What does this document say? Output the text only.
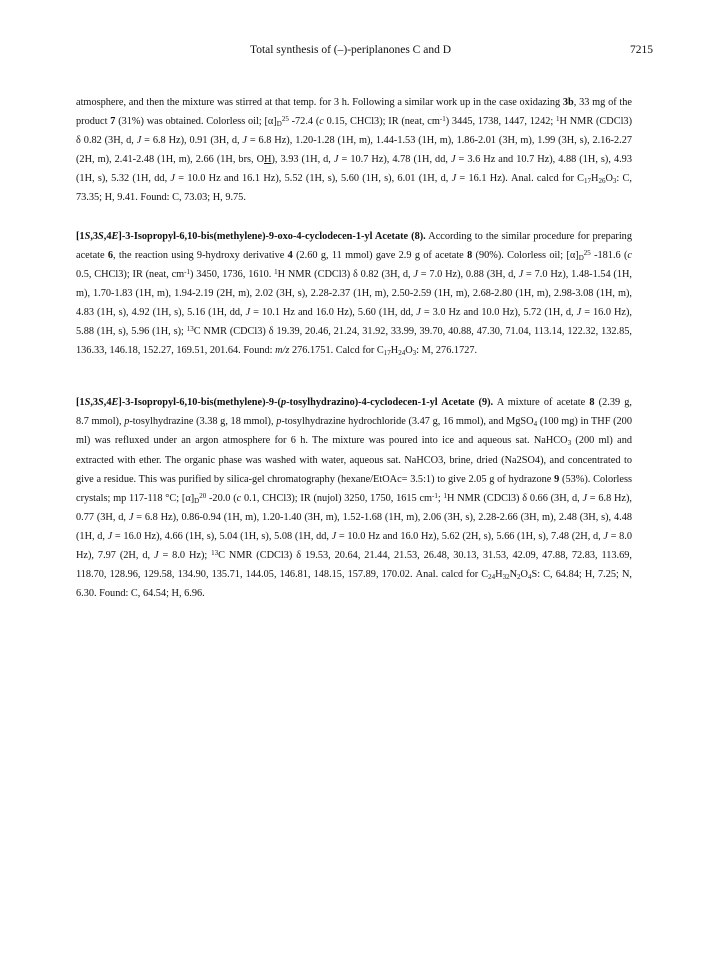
Total synthesis of (–)-periplanones C and D	7215

atmosphere, and then the mixture was stirred at that temp. for 3 h. Following a similar work up in the case oxidazing 3b, 33 mg of the product 7 (31%) was obtained. Colorless oil; $[\alpha]_D^{25}$ -72.4 (c 0.15, CHCl3); IR (neat, $cm^{-1}$) 3445, 1738, 1447, 1242; $^1$H NMR (CDCl3) δ 0.82 (3H, d, J = 6.8 Hz), 0.91 (3H, d, J = 6.8 Hz), 1.20-1.28 (1H, m), 1.44-1.53 (1H, m), 1.86-2.01 (3H, m), 1.99 (3H, s), 2.16-2.27 (2H, m), 2.41-2.48 (1H, m), 2.66 (1H, brs, OH), 3.93 (1H, d, J = 10.7 Hz), 4.78 (1H, dd, J = 3.6 Hz and 10.7 Hz), 4.88 (1H, s), 4.93 (1H, s), 5.32 (1H, dd, J = 10.0 Hz and 16.1 Hz), 5.52 (1H, s), 5.60 (1H, s), 6.01 (1H, d, J = 16.1 Hz). Anal. calcd for $C_{17}H_{26}O_3$: C, 73.35; H, 9.41. Found: C, 73.03; H, 9.75.

[1S,3S,4E]-3-Isopropyl-6,10-bis(methylene)-9-oxo-4-cyclodecen-1-yl Acetate (8). According to the similar procedure for preparing acetate 6, the reaction using 9-hydroxy derivative 4 (2.60 g, 11 mmol) gave 2.9 g of acetate 8 (90%). Colorless oil; $[\alpha]_D^{25}$ -181.6 (c 0.5, CHCl3); IR (neat, $cm^{-1}$) 3450, 1736, 1610. $^1$H NMR (CDCl3) δ 0.82 (3H, d, J = 7.0 Hz), 0.88 (3H, d, J = 7.0 Hz), 1.48-1.54 (1H, m), 1.70-1.83 (1H, m), 1.94-2.19 (2H, m), 2.02 (3H, s), 2.28-2.37 (1H, m), 2.50-2.59 (1H, m), 2.68-2.80 (1H, m), 2.98-3.08 (1H, m), 4.83 (1H, s), 4.92 (1H, s), 5.16 (1H, dd, J = 10.1 Hz and 16.0 Hz), 5.60 (1H, dd, J = 3.0 Hz and 10.0 Hz), 5.72 (1H, d, J = 16.0 Hz), 5.88 (1H, s), 5.96 (1H, s); $^{13}$C NMR (CDCl3) δ 19.39, 20.46, 21.24, 31.92, 33.99, 39.70, 40.88, 47.30, 71.04, 113.14, 122.32, 132.85, 136.33, 146.18, 152.27, 169.51, 201.64. Found: m/z 276.1751. Calcd for $C_{17}H_{24}O_3$: M, 276.1727.

[1S,3S,4E]-3-Isopropyl-6,10-bis(methylene)-9-(p-tosylhydrazino)-4-cyclodecen-1-yl Acetate (9). A mixture of acetate 8 (2.39 g, 8.7 mmol), p-tosylhydrazine (3.38 g, 18 mmol), p-tosylhydrazine hydrochloride (3.47 g, 16 mmol), and MgSO$_4$ (100 mg) in THF (200 ml) was refluxed under an argon atmosphere for 6 h. The mixture was poured into ice and aqueous sat. NaHCO$_3$ (200 ml) and extracted with ether. The organic phase was washed with water, aqueous sat. NaHCO3, brine, dried (Na2SO4), and concentrated to give a residue. This was purified by silica-gel chromatography (hexane/EtOAc= 3.5:1) to give 2.05 g of hydrazone 9 (53%). Colorless crystals; mp 117-118 °C; $[\alpha]_D^{20}$ -20.0 (c 0.1, CHCl3); IR (nujol) 3250, 1750, 1615 $cm^{-1}$; $^1$H NMR (CDCl3) δ 0.66 (3H, d, J = 6.8 Hz), 0.77 (3H, d, J = 6.8 Hz), 0.86-0.94 (1H, m), 1.20-1.40 (3H, m), 1.52-1.68 (1H, m), 2.06 (3H, s), 2.28-2.66 (3H, m), 2.48 (3H, s), 4.48 (1H, d, J = 16.0 Hz), 4.66 (1H, s), 5.04 (1H, s), 5.08 (1H, dd, J = 10.0 Hz and 16.0 Hz), 5.62 (2H, s), 5.66 (1H, s), 7.48 (2H, d, J = 8.0 Hz), 7.97 (2H, d, J = 8.0 Hz); $^{13}$C NMR (CDCl3) δ 19.53, 20.64, 21.44, 21.53, 26.48, 30.13, 31.53, 42.09, 47.88, 72.83, 113.69, 118.70, 128.96, 129.58, 134.90, 135.71, 144.05, 146.81, 148.15, 157.89, 170.02. Anal. calcd for $C_{24}H_{32}N_2O_4S$: C, 64.84; H, 7.25; N, 6.30. Found: C, 64.54; H, 6.96.
